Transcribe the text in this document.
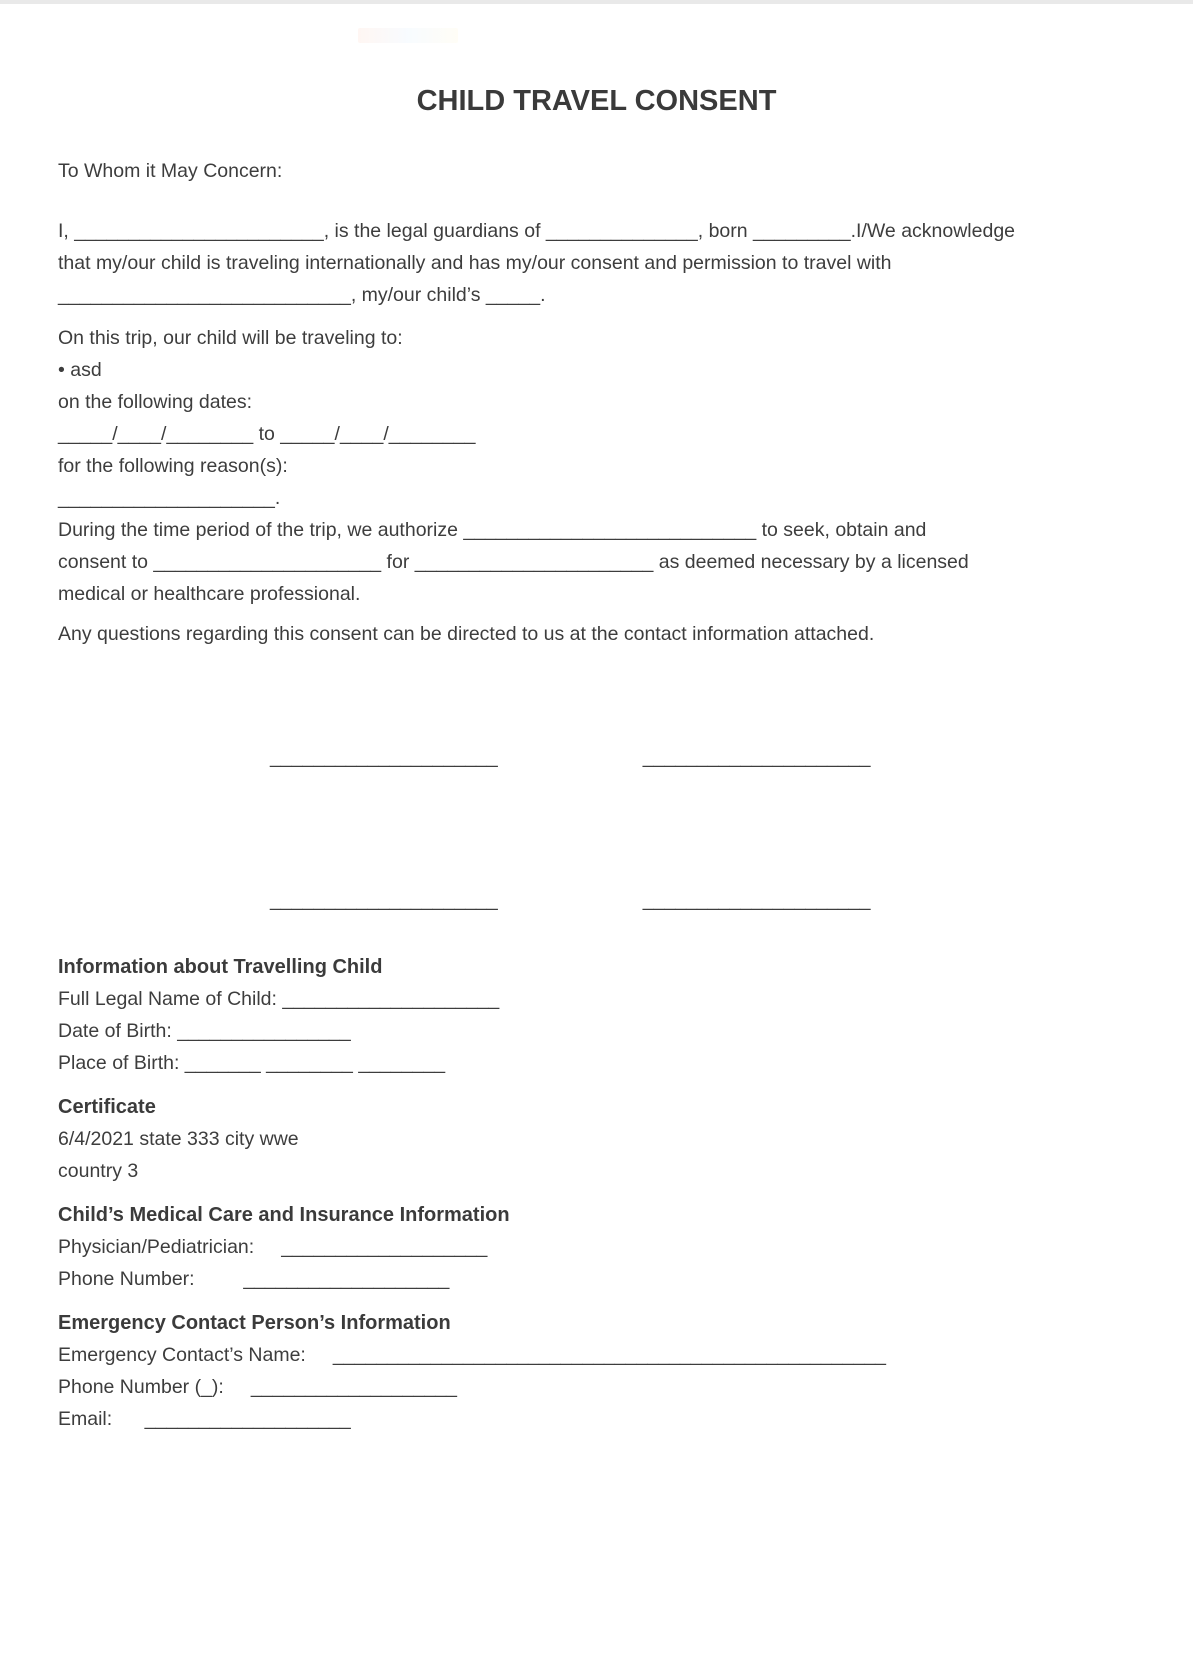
CHILD TRAVEL CONSENT
To Whom it May Concern:
I, _______________________, is the legal guardians of ______________, born _________.I/We acknowledge
that my/our child is traveling internationally and has my/our consent and permission to travel with
___________________________, my/our child’s _____.
On this trip, our child will be traveling to:
• asd
on the following dates:
_____/____/________ to _____/____/________
for the following reason(s):
____________________.
During the time period of the trip, we authorize ___________________________ to seek, obtain and
consent to _____________________ for ______________________ as deemed necessary by a licensed
medical or healthcare professional.
Any questions regarding this consent can be directed to us at the contact information attached.
_____________________	_____________________
_____________________	_____________________
Information about Travelling Child
Full Legal Name of Child: ____________________
Date of Birth: ________________
Place of Birth: _______ ________ ________
Certificate
6/4/2021 state 333 city wwe
country 3
Child’s Medical Care and Insurance Information
Physician/Pediatrician:     ___________________
Phone Number:         ___________________
Emergency Contact Person’s Information
Emergency Contact’s Name:     ___________________________________________________
Phone Number (_):     ___________________
Email:      ___________________
